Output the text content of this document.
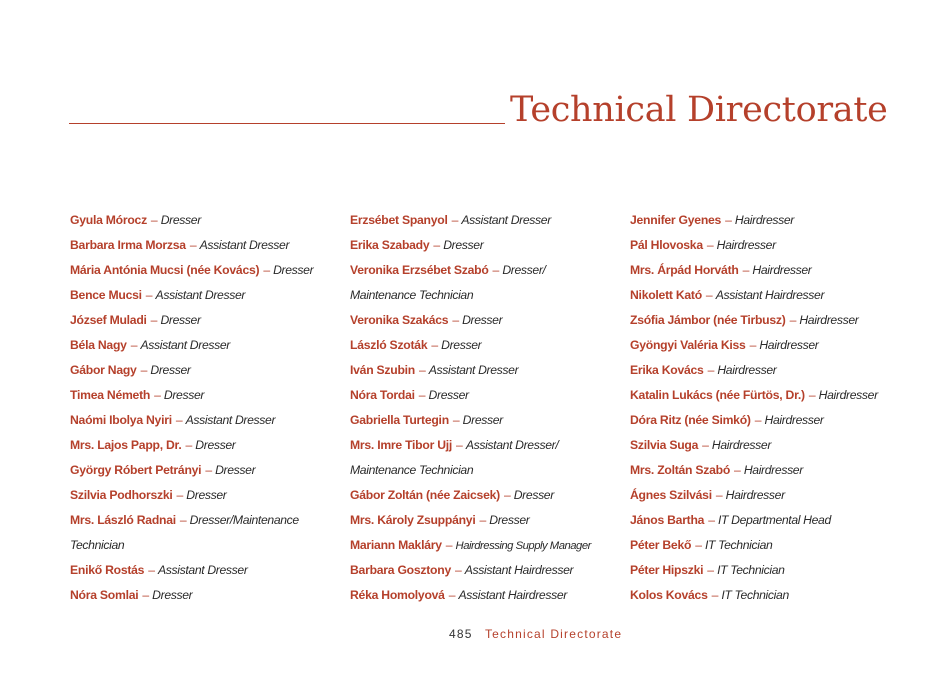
Technical Directorate
Gyula Mórocz – Dresser
Barbara Irma Morzsa – Assistant Dresser
Mária Antónia Mucsi (née Kovács) – Dresser
Bence Mucsi – Assistant Dresser
József Muladi – Dresser
Béla Nagy – Assistant Dresser
Gábor Nagy – Dresser
Timea Németh – Dresser
Naómi Ibolya Nyiri – Assistant Dresser
Mrs. Lajos Papp, Dr. – Dresser
György Róbert Petrányi – Dresser
Szilvia Podhorszki – Dresser
Mrs. László Radnai – Dresser/Maintenance
Technician
Enikő Rostás – Assistant Dresser
Nóra Somlai – Dresser
Erzsébet Spanyol – Assistant Dresser
Erika Szabady – Dresser
Veronika Erzsébet Szabó – Dresser/
Maintenance Technician
Veronika Szakács – Dresser
László Szoták – Dresser
Iván Szubin – Assistant Dresser
Nóra Tordai – Dresser
Gabriella Turtegin – Dresser
Mrs. Imre Tibor Ujj – Assistant Dresser/
Maintenance Technician
Gábor Zoltán (née Zaicsek) – Dresser
Mrs. Károly Zsuppányi – Dresser
Mariann Makláry – Hairdressing Supply Manager
Barbara Gosztony – Assistant Hairdresser
Réka Homolyová – Assistant Hairdresser
Jennifer Gyenes – Hairdresser
Pál Hlovoska – Hairdresser
Mrs. Árpád Horváth – Hairdresser
Nikolett Kató – Assistant Hairdresser
Zsófia Jámbor (née Tirbusz) – Hairdresser
Gyöngyi Valéria Kiss – Hairdresser
Erika Kovács – Hairdresser
Katalin Lukács (née Fürtös, Dr.) – Hairdresser
Dóra Ritz (née Simkó) – Hairdresser
Szilvia Suga – Hairdresser
Mrs. Zoltán Szabó – Hairdresser
Ágnes Szilvási – Hairdresser
János Bartha – IT Departmental Head
Péter Bekő – IT Technician
Péter Hipszki – IT Technician
Kolos Kovács – IT Technician
485 Technical Directorate
